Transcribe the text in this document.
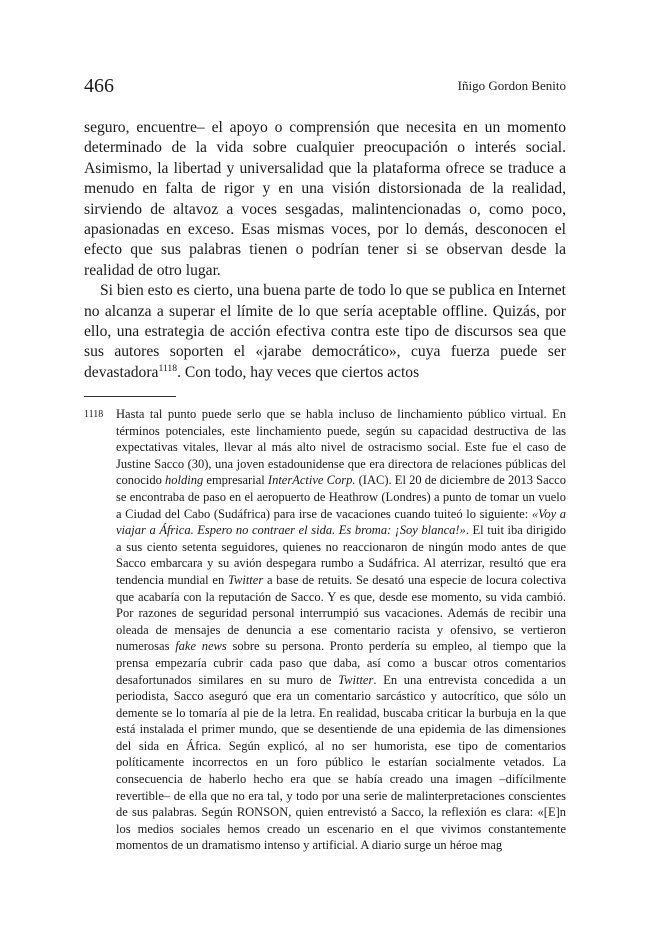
466	Iñigo Gordon Benito

seguro, encuentre– el apoyo o comprensión que necesita en un momento determinado de la vida sobre cualquier preocupación o interés social. Asimismo, la libertad y universalidad que la plataforma ofrece se traduce a menudo en falta de rigor y en una visión distorsionada de la realidad, sirviendo de altavoz a voces sesgadas, malintencionadas o, como poco, apasionadas en exceso. Esas mismas voces, por lo demás, desconocen el efecto que sus palabras tienen o podrían tener si se observan desde la realidad de otro lugar.

Si bien esto es cierto, una buena parte de todo lo que se publica en Internet no alcanza a superar el límite de lo que sería aceptable offline. Quizás, por ello, una estrategia de acción efectiva contra este tipo de discursos sea que sus autores soporten el «jarabe democrático», cuya fuerza puede ser devastadora$^{1118}$. Con todo, hay veces que ciertos actos

1118 Hasta tal punto puede serlo que se habla incluso de linchamiento público virtual. En términos potenciales, este linchamiento puede, según su capacidad destructiva de las expectativas vitales, llevar al más alto nivel de ostracismo social. Este fue el caso de Justine Sacco (30), una joven estadounidense que era directora de relaciones públicas del conocido holding empresarial InterActive Corp. (IAC). El 20 de diciembre de 2013 Sacco se encontraba de paso en el aeropuerto de Heathrow (Londres) a punto de tomar un vuelo a Ciudad del Cabo (Sudáfrica) para irse de vacaciones cuando tuiteó lo siguiente: «Voy a viajar a África. Espero no contraer el sida. Es broma: ¡Soy blanca!». El tuit iba dirigido a sus ciento setenta seguidores, quienes no reaccionaron de ningún modo antes de que Sacco embarcara y su avión despegara rumbo a Sudáfrica. Al aterrizar, resultó que era tendencia mundial en Twitter a base de retuits. Se desató una especie de locura colectiva que acabaría con la reputación de Sacco. Y es que, desde ese momento, su vida cambió. Por razones de seguridad personal interrumpió sus vacaciones. Además de recibir una oleada de mensajes de denuncia a ese comentario racista y ofensivo, se vertieron numerosas fake news sobre su persona. Pronto perdería su empleo, al tiempo que la prensa empezaría cubrir cada paso que daba, así como a buscar otros comentarios desafortunados similares en su muro de Twitter. En una entrevista concedida a un periodista, Sacco aseguró que era un comentario sarcástico y autocrítico, que sólo un demente se lo tomaría al pie de la letra. En realidad, buscaba criticar la burbuja en la que está instalada el primer mundo, que se desentiende de una epidemia de las dimensiones del sida en África. Según explicó, al no ser humorista, ese tipo de comentarios políticamente incorrectos en un foro público le estarían socialmente vetados. La consecuencia de haberlo hecho era que se había creado una imagen –difícilmente revertible– de ella que no era tal, y todo por una serie de malinterpretaciones conscientes de sus palabras. Según RONSON, quien entrevistó a Sacco, la reflexión es clara: «[E]n los medios sociales hemos creado un escenario en el que vivimos constantemente momentos de un dramatismo intenso y artificial. A diario surge un héroe mag
